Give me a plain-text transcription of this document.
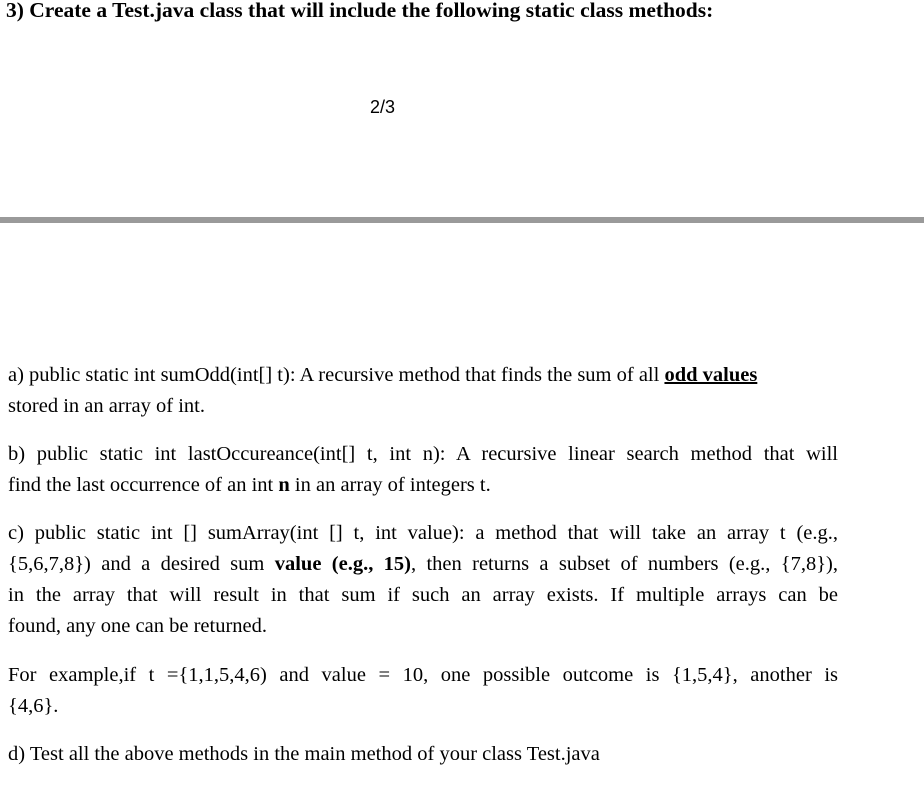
3) Create a Test.java class that will include the following static class methods:
2/3

a) public static int sumOdd(int[] t): A recursive method that finds the sum of all odd values
stored in an array of int.

b) public static int lastOccureance(int[] t, int n): A recursive linear search method that will
find the last occurrence of an int n in an array of integers t.

c) public static int [] sumArray(int [] t, int value): a method that will take an array t (e.g.,
{5,6,7,8}) and a desired sum value (e.g., 15), then returns a subset of numbers (e.g., {7,8}),
in the array that will result in that sum if such an array exists. If multiple arrays can be
found, any one can be returned.

For example,if t ={1,1,5,4,6) and value = 10, one possible outcome is {1,5,4}, another is
{4,6}.

d) Test all the above methods in the main method of your class Test.java
